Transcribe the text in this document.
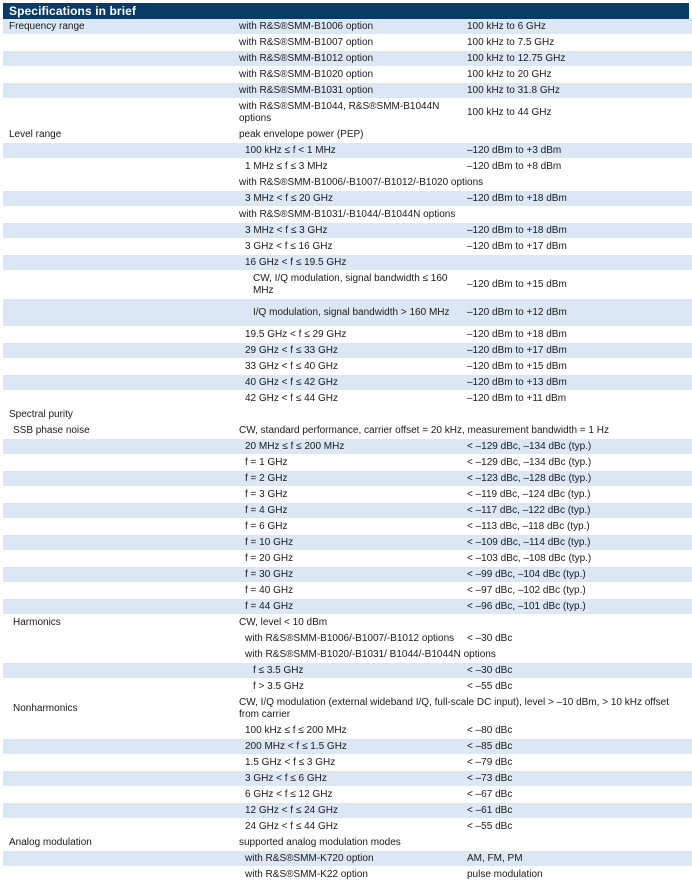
Specifications in brief
Frequency range	with R&S®SMM-B1006 option	100 kHz to 6 GHz
	with R&S®SMM-B1007 option	100 kHz to 7.5 GHz
	with R&S®SMM-B1012 option	100 kHz to 12.75 GHz
	with R&S®SMM-B1020 option	100 kHz to 20 GHz
	with R&S®SMM-B1031 option	100 kHz to 31.8 GHz
	with R&S®SMM-B1044, R&S®SMM-B1044N options	100 kHz to 44 GHz
Level range	peak envelope power (PEP)	
	100 kHz ≤ f < 1 MHz	–120 dBm to +3 dBm
	1 MHz ≤ f ≤ 3 MHz	–120 dBm to +8 dBm
	with R&S®SMM-B1006/-B1007/-B1012/-B1020 options	
	3 MHz < f ≤ 20 GHz	–120 dBm to +18 dBm
	with R&S®SMM-B1031/-B1044/-B1044N options	
	3 MHz < f ≤ 3 GHz	–120 dBm to +18 dBm
	3 GHz < f ≤ 16 GHz	–120 dBm to +17 dBm
	16 GHz < f ≤ 19.5 GHz	
	CW, I/Q modulation, signal bandwidth ≤ 160 MHz	–120 dBm to +15 dBm
	I/Q modulation, signal bandwidth > 160 MHz	–120 dBm to +12 dBm
	19.5 GHz < f ≤ 29 GHz	–120 dBm to +18 dBm
	29 GHz < f ≤ 33 GHz	–120 dBm to +17 dBm
	33 GHz < f ≤ 40 GHz	–120 dBm to +15 dBm
	40 GHz < f ≤ 42 GHz	–120 dBm to +13 dBm
	42 GHz < f ≤ 44 GHz	–120 dBm to +11 dBm
Spectral purity		
SSB phase noise	CW, standard performance, carrier offset = 20 kHz, measurement bandwidth = 1 Hz	
	20 MHz ≤ f ≤ 200 MHz	< –129 dBc, –134 dBc (typ.)
	f = 1 GHz	< –129 dBc, –134 dBc (typ.)
	f = 2 GHz	< –123 dBc, –128 dBc (typ.)
	f = 3 GHz	< –119 dBc, –124 dBc (typ.)
	f = 4 GHz	< –117 dBc, –122 dBc (typ.)
	f = 6 GHz	< –113 dBc, –118 dBc (typ.)
	f = 10 GHz	< –109 dBc, –114 dBc (typ.)
	f = 20 GHz	< –103 dBc, –108 dBc (typ.)
	f = 30 GHz	< –99 dBc, –104 dBc (typ.)
	f = 40 GHz	< –97 dBc, –102 dBc (typ.)
	f = 44 GHz	< –96 dBc, –101 dBc (typ.)
Harmonics	CW, level < 10 dBm	
	with R&S®SMM-B1006/-B1007/-B1012 options	< –30 dBc
	with R&S®SMM-B1020/-B1031/ B1044/-B1044N options	
	f ≤ 3.5 GHz	< –30 dBc
	f > 3.5 GHz	< –55 dBc
Nonharmonics	CW, I/Q modulation (external wideband I/Q, full-scale DC input), level > –10 dBm, > 10 kHz offset from carrier	
	100 kHz ≤ f ≤ 200 MHz	< –80 dBc
	200 MHz < f ≤ 1.5 GHz	< –85 dBc
	1.5 GHz < f ≤ 3 GHz	< –79 dBc
	3 GHz < f ≤ 6 GHz	< –73 dBc
	6 GHz < f ≤ 12 GHz	< –67 dBc
	12 GHz < f ≤ 24 GHz	< –61 dBc
	24 GHz < f ≤ 44 GHz	< –55 dBc
Analog modulation	supported analog modulation modes	
	with R&S®SMM-K720 option	AM, FM, PM
	with R&S®SMM-K22 option	pulse modulation
